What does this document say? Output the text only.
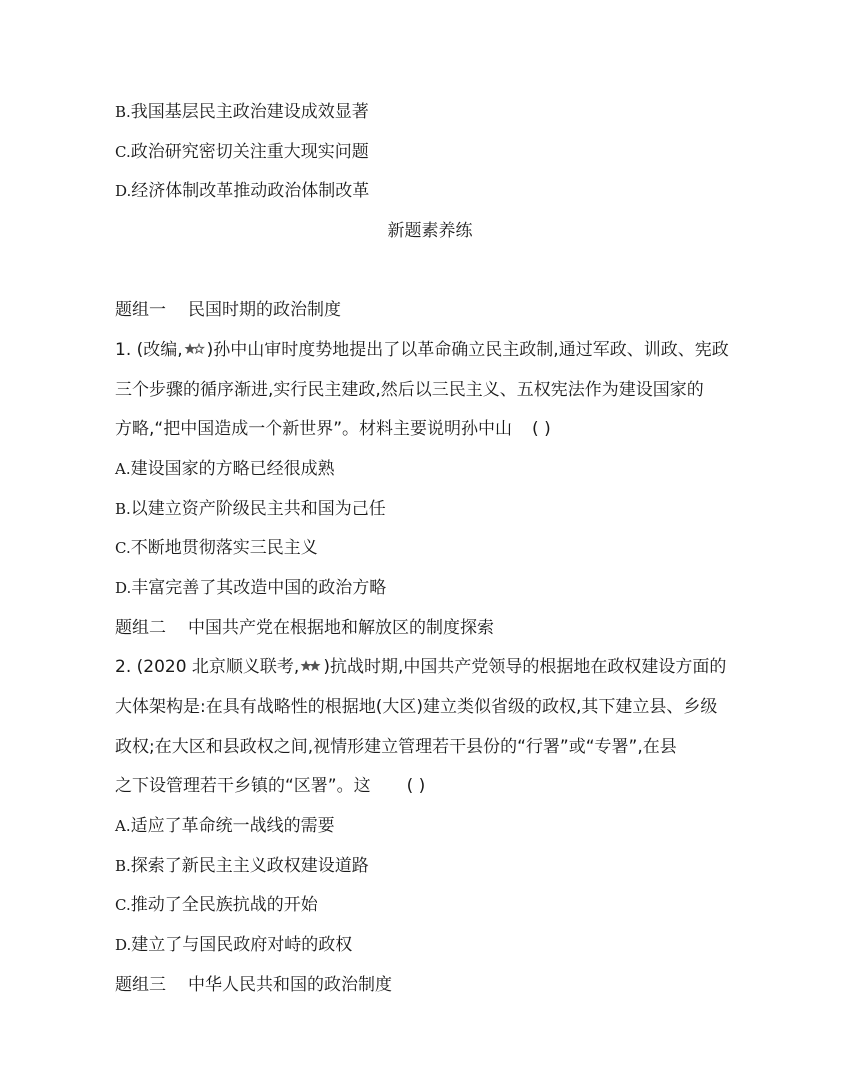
B.我国基层民主政治建设成效显著
C.政治研究密切关注重大现实问题
D.经济体制改革推动政治体制改革
新题素养练
题组一 民国时期的政治制度
1. (改编, )孙中山审时度势地提出了以革命确立民主政制,通过军政、训政、宪政
三个步骤的循序渐进,实行民主建政,然后以三民主义、五权宪法作为建设国家的
方略,“把中国造成一个新世界”。材料主要说明孙中山 ( )
A.建设国家的方略已经很成熟
B.以建立资产阶级民主共和国为己任
C.不断地贯彻落实三民主义
D.丰富完善了其改造中国的政治方略
题组二 中国共产党在根据地和解放区的制度探索
2. (2020 北京顺义联考, )抗战时期,中国共产党领导的根据地在政权建设方面的
大体架构是:在具有战略性的根据地(大区)建立类似省级的政权,其下建立县、乡级
政权;在大区和县政权之间,视情形建立管理若干县份的“行署”或“专署”,在县
之下设管理若干乡镇的“区署”。这 ( )
A.适应了革命统一战线的需要
B.探索了新民主主义政权建设道路
C.推动了全民族抗战的开始
D.建立了与国民政府对峙的政权
题组三 中华人民共和国的政治制度
